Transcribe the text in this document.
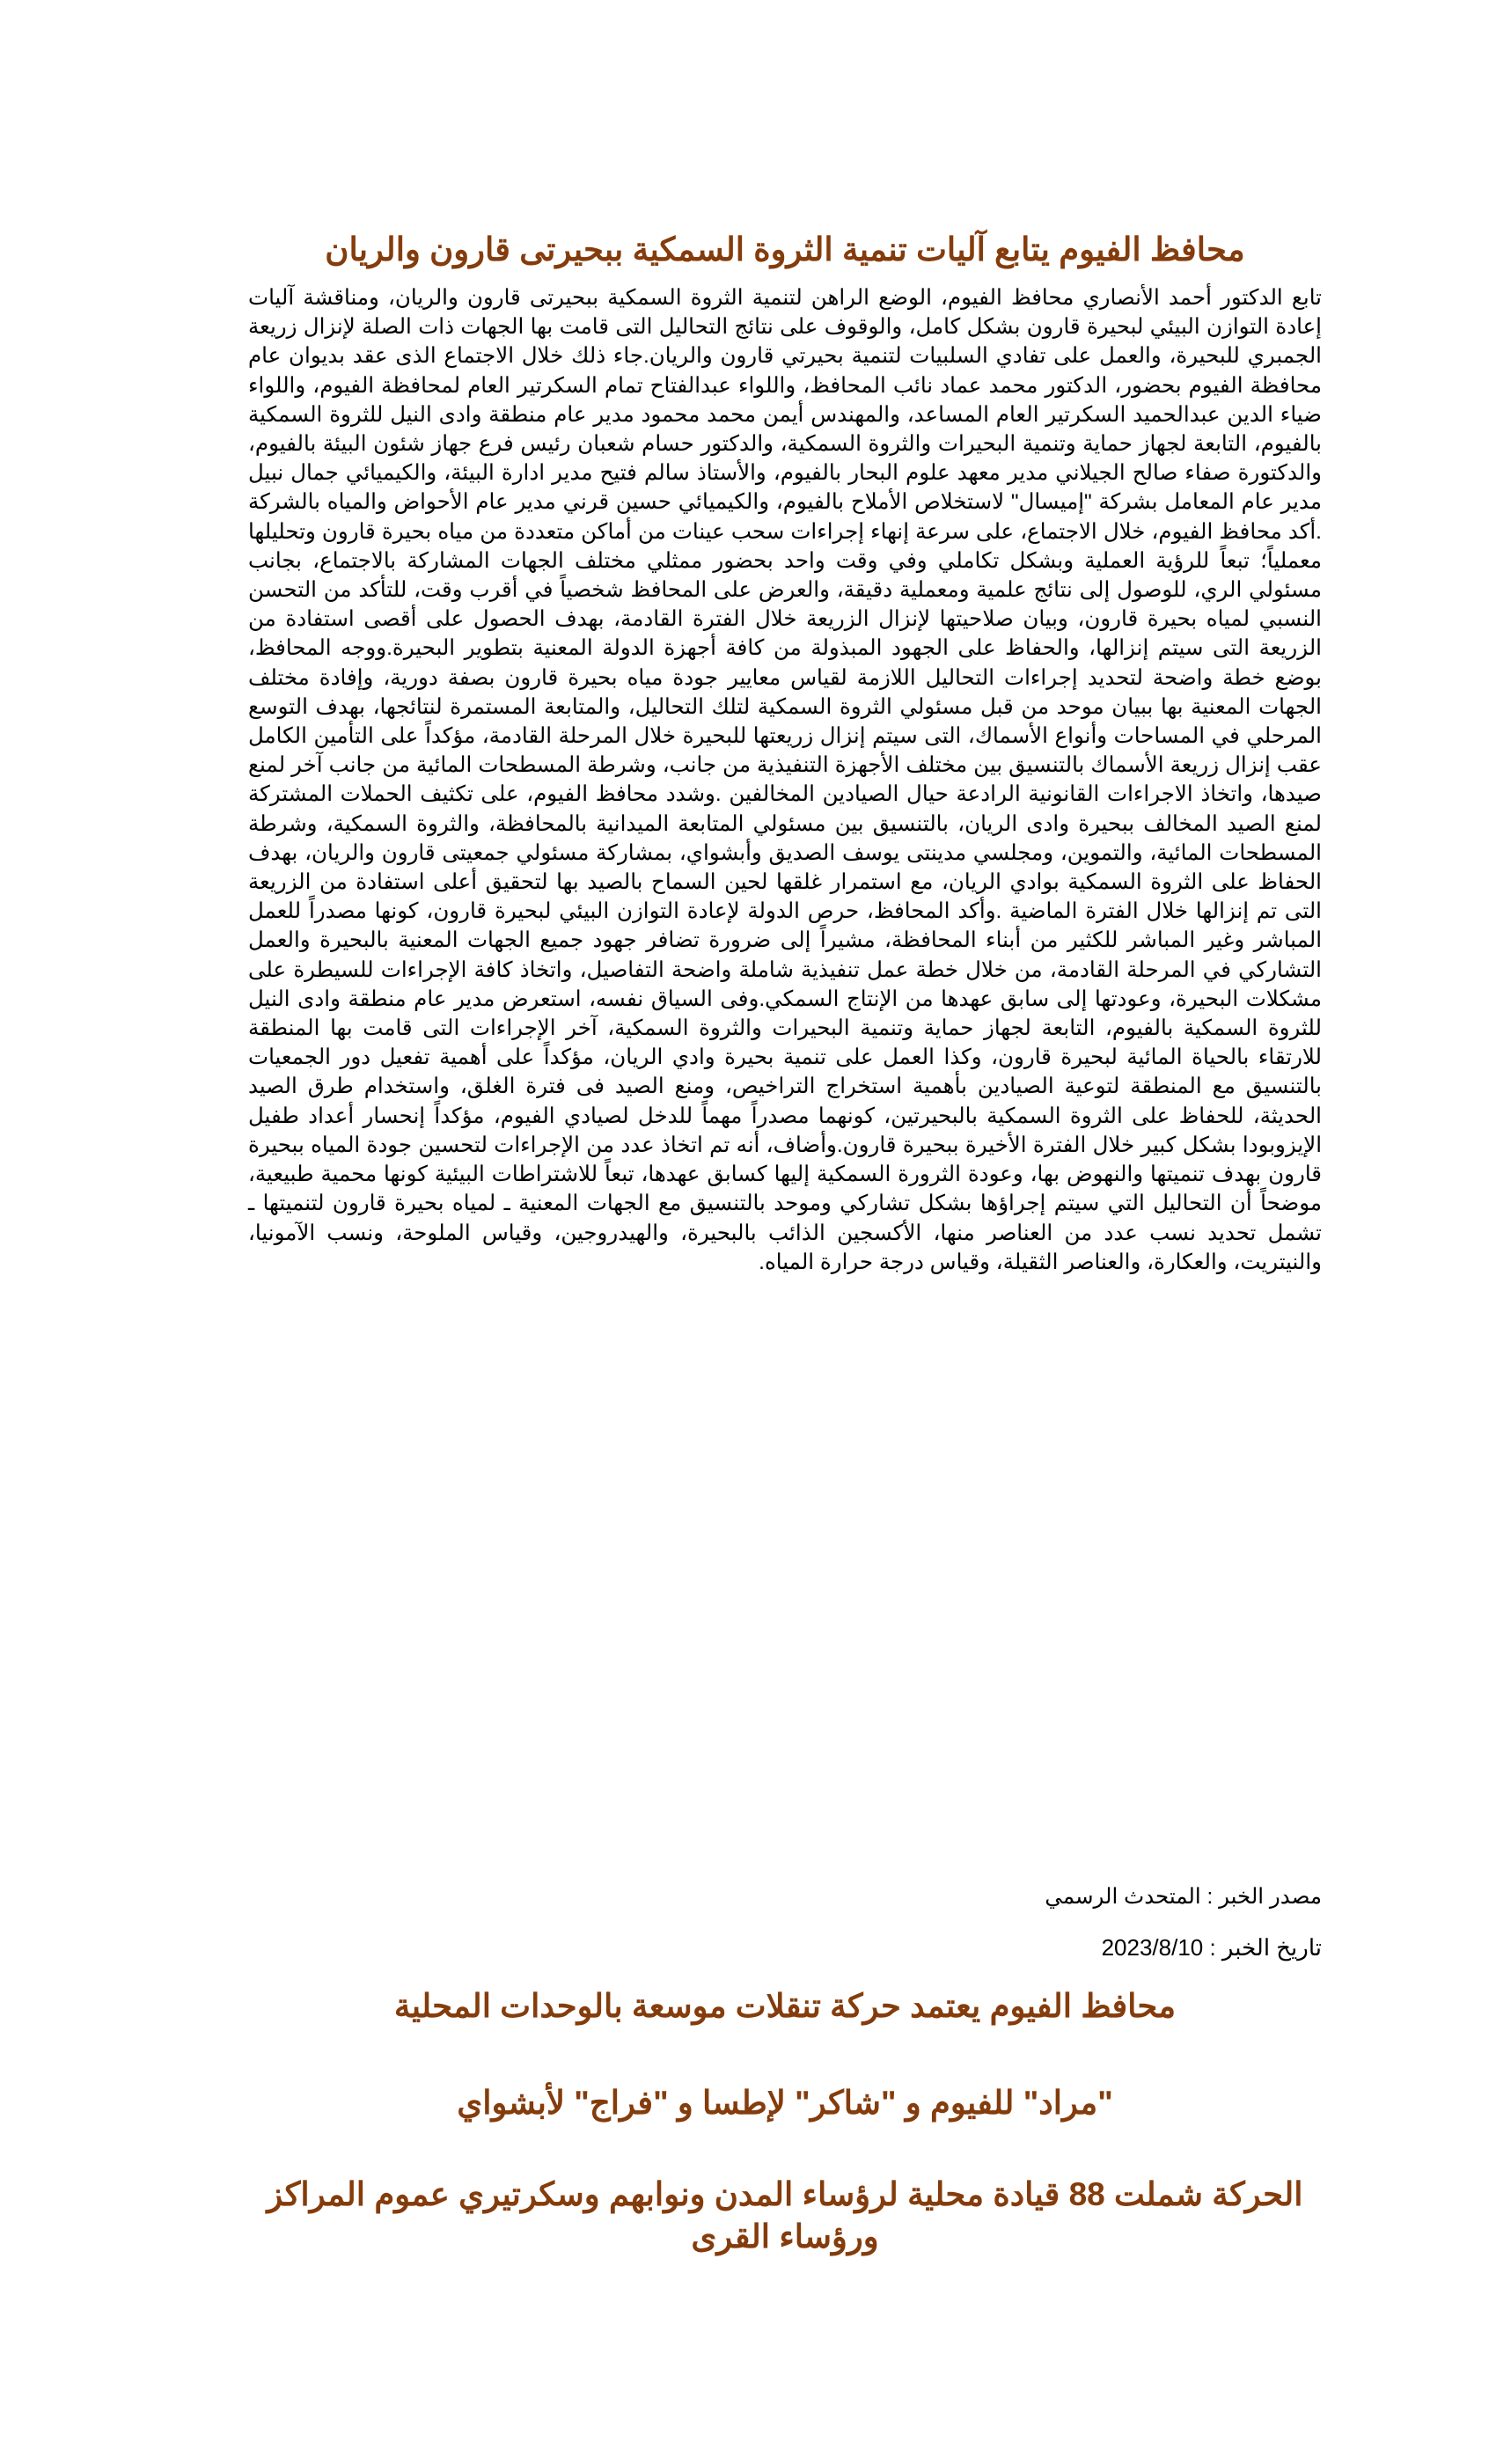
محافظ الفيوم يتابع آليات تنمية الثروة السمكية ببحيرتى قارون والريان

تابع الدكتور أحمد الأنصاري محافظ الفيوم، الوضع الراهن لتنمية الثروة السمكية ببحيرتى قارون والريان، ومناقشة آليات إعادة التوازن البيئي لبحيرة قارون بشكل كامل، والوقوف على نتائج التحاليل التى قامت بها الجهات ذات الصلة لإنزال زريعة الجمبري للبحيرة، والعمل على تفادي السلبيات لتنمية بحيرتي قارون والريان.جاء ذلك خلال الاجتماع الذى عقد بديوان عام محافظة الفيوم بحضور، الدكتور محمد عماد نائب المحافظ، واللواء عبدالفتاح تمام السكرتير العام لمحافظة الفيوم، واللواء ضياء الدين عبدالحميد السكرتير العام المساعد، والمهندس أيمن محمد محمود مدير عام منطقة وادى النيل للثروة السمكية بالفيوم، التابعة لجهاز حماية وتنمية البحيرات والثروة السمكية، والدكتور حسام شعبان رئيس فرع جهاز شئون البيئة بالفيوم، والدكتورة صفاء صالح الجيلاني مدير معهد علوم البحار بالفيوم، والأستاذ سالم فتيح مدير ادارة البيئة، والكيميائي جمال نبيل مدير عام المعامل بشركة "إميسال" لاستخلاص الأملاح بالفيوم، والكيميائي حسين قرني مدير عام الأحواض والمياه بالشركة .أكد محافظ الفيوم، خلال الاجتماع، على سرعة إنهاء إجراءات سحب عينات من أماكن متعددة من مياه بحيرة قارون وتحليلها معملياً؛ تبعاً للرؤية العملية وبشكل تكاملي وفي وقت واحد بحضور ممثلي مختلف الجهات المشاركة بالاجتماع، بجانب مسئولي الري، للوصول إلى نتائج علمية ومعملية دقيقة، والعرض على المحافظ شخصياً في أقرب وقت، للتأكد من التحسن النسبي لمياه بحيرة قارون، وبيان صلاحيتها لإنزال الزريعة خلال الفترة القادمة، بهدف الحصول على أقصى استفادة من الزريعة التى سيتم إنزالها، والحفاظ على الجهود المبذولة من كافة أجهزة الدولة المعنية بتطوير البحيرة.ووجه المحافظ، بوضع خطة واضحة لتحديد إجراءات التحاليل اللازمة لقياس معايير جودة مياه بحيرة قارون بصفة دورية، وإفادة مختلف الجهات المعنية بها ببيان موحد من قبل مسئولي الثروة السمكية لتلك التحاليل، والمتابعة المستمرة لنتائجها، بهدف التوسع المرحلي في المساحات وأنواع الأسماك، التى سيتم إنزال زريعتها للبحيرة خلال المرحلة القادمة، مؤكداً على التأمين الكامل عقب إنزال زريعة الأسماك بالتنسيق بين مختلف الأجهزة التنفيذية من جانب، وشرطة المسطحات المائية من جانب آخر لمنع صيدها، واتخاذ الاجراءات القانونية الرادعة حيال الصيادين المخالفين .وشدد محافظ الفيوم، على تكثيف الحملات المشتركة لمنع الصيد المخالف ببحيرة وادى الريان، بالتنسيق بين مسئولي المتابعة الميدانية بالمحافظة، والثروة السمكية، وشرطة المسطحات المائية، والتموين، ومجلسي مدينتى يوسف الصديق وأبشواي، بمشاركة مسئولي جمعيتى قارون والريان، بهدف الحفاظ على الثروة السمكية بوادي الريان، مع استمرار غلقها لحين السماح بالصيد بها لتحقيق أعلى استفادة من الزريعة التى تم إنزالها خلال الفترة الماضية .وأكد المحافظ، حرص الدولة لإعادة التوازن البيئي لبحيرة قارون، كونها مصدراً للعمل المباشر وغير المباشر للكثير من أبناء المحافظة، مشيراً إلى ضرورة تضافر جهود جميع الجهات المعنية بالبحيرة والعمل التشاركي في المرحلة القادمة، من خلال خطة عمل تنفيذية شاملة واضحة التفاصيل، واتخاذ كافة الإجراءات للسيطرة على مشكلات البحيرة، وعودتها إلى سابق عهدها من الإنتاج السمكي.وفى السياق نفسه، استعرض مدير عام منطقة وادى النيل للثروة السمكية بالفيوم، التابعة لجهاز حماية وتنمية البحيرات والثروة السمكية، آخر الإجراءات التى قامت بها المنطقة للارتقاء بالحياة المائية لبحيرة قارون، وكذا العمل على تنمية بحيرة وادي الريان، مؤكداً على أهمية تفعيل دور الجمعيات بالتنسيق مع المنطقة لتوعية الصيادين بأهمية استخراج التراخيص، ومنع الصيد فى فترة الغلق، واستخدام طرق الصيد الحديثة، للحفاظ على الثروة السمكية بالبحيرتين، كونهما مصدراً مهماً للدخل لصيادي الفيوم، مؤكداً إنحسار أعداد طفيل الإيزوبودا بشكل كبير خلال الفترة الأخيرة ببحيرة قارون.وأضاف، أنه تم اتخاذ عدد من الإجراءات لتحسين جودة المياه ببحيرة قارون بهدف تنميتها والنهوض بها، وعودة الثرورة السمكية إليها كسابق عهدها، تبعاً للاشتراطات البيئية كونها محمية طبيعية، موضحاً أن التحاليل التي سيتم إجراؤها بشكل تشاركي وموحد بالتنسيق مع الجهات المعنية ـ لمياه بحيرة قارون لتنميتها ـ تشمل تحديد نسب عدد من العناصر منها، الأكسجين الذائب بالبحيرة، والهيدروجين، وقياس الملوحة، ونسب الآمونيا، والنيتريت، والعكارة، والعناصر الثقيلة، وقياس درجة حرارة المياه.

مصدر الخبر : المتحدث الرسمي
تاريخ الخبر : 2023/8/10
محافظ الفيوم يعتمد حركة تنقلات موسعة بالوحدات المحلية
"مراد" للفيوم و "شاكر" لإطسا و "فراج" لأبشواي
الحركة شملت 88 قيادة محلية لرؤساء المدن ونوابهم وسكرتيري عموم المراكز ورؤساء القرى
